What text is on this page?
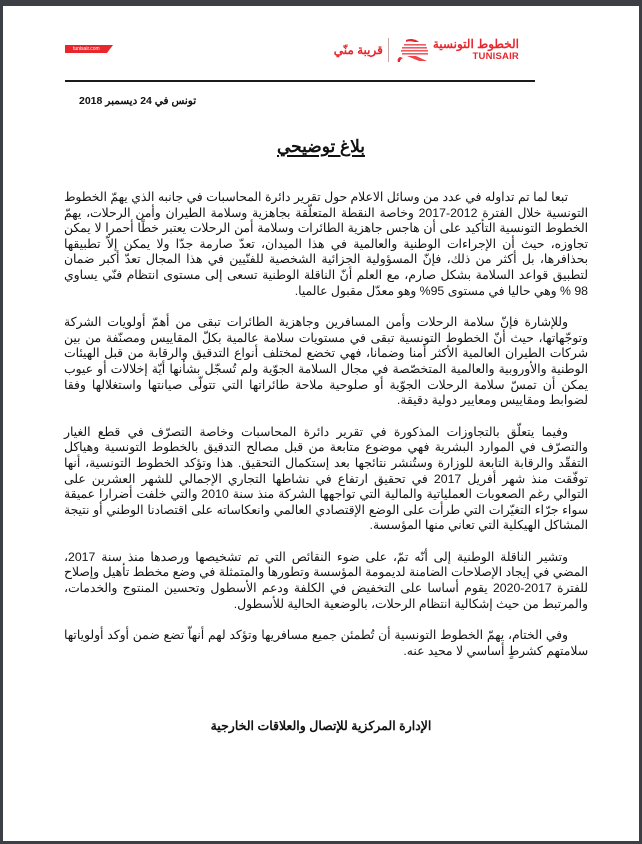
tunisair.com	قريبة منّي	الخطوط التونسية
TUNISAIR
تونس في 24 ديسمبر 2018
بلاغ توضيحي

تبعا لما تم تداوله في عدد من وسائل الاعلام حول تقرير دائرة المحاسبات في جانبه الذي يهمّ الخطوط التونسية خلال الفترة 2012-2017 وخاصة النقطة المتعلّقة بجاهزية وسلامة الطيران وأمن الرحلات، يهمّ الخطوط التونسية التأكيد على أن هاجس جاهزية الطائرات وسلامة أمن الرحلات يعتبر خطًا أحمرا لا يمكن تجاوزه، حيث أن الإجراءات الوطنية والعالمية في هذا الميدان، تعدّ صارمة جدّا ولا يمكن إلاّ تطبيقها بحذافرها، بل أكثر من ذلك، فإنّ المسؤولية الجزائية الشخصية للفنّيين في هذا المجال تعدّ أكبر ضمان لتطبيق قواعد السلامة بشكل صارم، مع العلم أنّ الناقلة الوطنية تسعى إلى مستوى انتظام فنّي يساوي 98 % وهي حاليا في مستوى 95% وهو معدّل مقبول عالميا.

وللإشارة فإنّ سلامة الرحلات وأمن المسافرين وجاهزية الطائرات تبقى من أهمّ أولويات الشركة وتوجّهاتها، حيث أنّ الخطوط التونسية تبقى في مستويات سلامة عالمية بكلّ المقاييس ومصنّفة من بين شركات الطيران العالمية الأكثر أمنا وضمانا، فهي تخضع لمختلف أنواع التدقيق والرقابة من قبل الهيئات الوطنية والأوروبية والعالمية المتخصّصة في مجال السلامة الجوّية ولم تُسجّل بشأنها أيّة إخلالات أو عيوب يمكن أن تمسّ سلامة الرحلات الجوّية أو صلوحية ملاحة طائراتها التي تتولّى صيانتها واستغلالها وفقا لضوابط ومقاييس ومعايير دولية دقيقة.

وفيما يتعلّق بالتجاوزات المذكورة في تقرير دائرة المحاسبات وخاصة التصرّف في قطع الغيار والتصرّف في الموارد البشرية فهي موضوع متابعة من قبل مصالح التدقيق بالخطوط التونسية وهياكل التفقّد والرقابة التابعة للوزارة وستُنشر نتائجها بعد إستكمال التحقيق. هذا وتؤكد الخطوط التونسية، أنها توفّقت منذ شهر أفريل 2017 في تحقيق ارتفاع في نشاطها التجاري الإجمالي للشهر العشرين على التوالي رغم الصعوبات العملياتية والمالية التي تواجهها الشركة منذ سنة 2010 والتي خلفت أضرارا عميقة سواء جرّاء التغيّرات التي طرأت على الوضع الإقتصادي العالمي وانعكاساته على اقتصادنا الوطني أو نتيجة المشاكل الهيكلية التي تعاني منها المؤسسة.

وتشير الناقلة الوطنية إلى أنّه تمّ، على ضوء النقائص التي تم تشخيصها ورصدها منذ سنة 2017، المضي في إيجاد الإصلاحات الضامنة لديمومة المؤسسة وتطورها والمتمثلة في وضع مخطط تأهيل وإصلاح للفترة 2017-2020 يقوم أساسا على التخفيض في الكلفة ودعم الأسطول وتحسين المنتوج والخدمات، والمرتبط من حيث إشكالية انتظام الرحلات، بالوضعية الحالية للأسطول.

وفي الختام، يهمّ الخطوط التونسية أن تُطمئن جميع مسافريها وتؤكد لهم أنهاّ تضع ضمن أوكد أولوياتها سلامتهم كشرطٍ أساسي لا محيد عنه.

الإدارة المركزية للإتصال والعلاقات الخارجية
